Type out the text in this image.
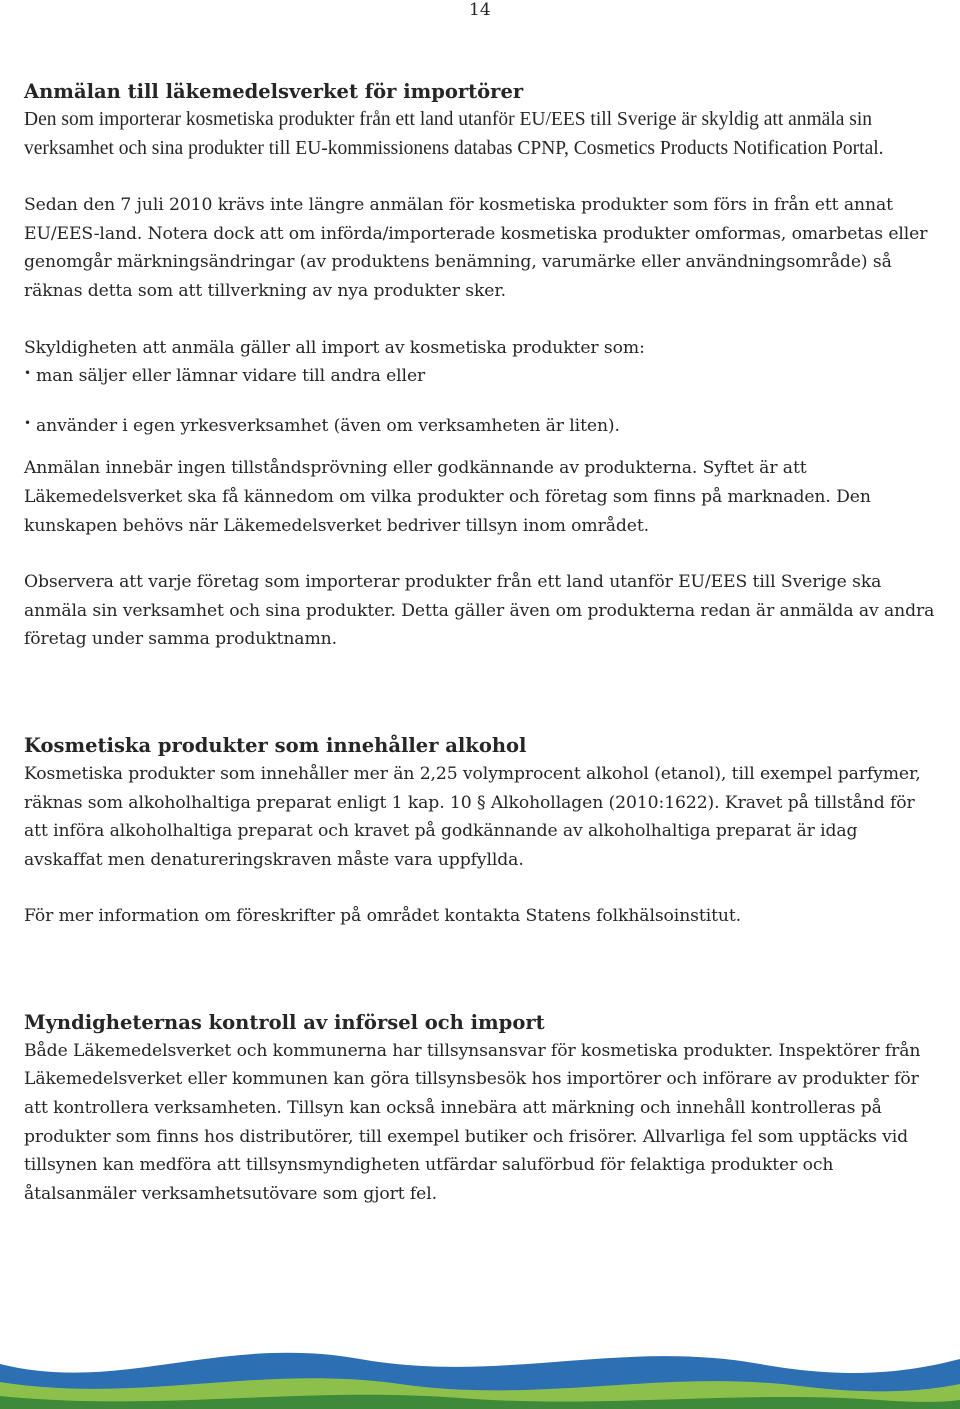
14
Anmälan till läkemedelsverket för importörer

Den som importerar kosmetiska produkter från ett land utanför EU/EES till Sverige är skyldig att anmäla sin verksamhet och sina produkter till EU-kommissionens databas CPNP, Cosmetics Products Notification Portal.

Sedan den 7 juli 2010 krävs inte längre anmälan för kosmetiska produkter som förs in från ett annat EU/EES-land. Notera dock att om införda/importerade kosmetiska produkter omformas, omarbetas eller genomgår märkningsändringar (av produktens benämning, varumärke eller användningsområde) så räknas detta som att tillverkning av nya produkter sker.

Skyldigheten att anmäla gäller all import av kosmetiska produkter som:

• man säljer eller lämnar vidare till andra eller
• använder i egen yrkesverksamhet (även om verksamheten är liten).

Anmälan innebär ingen tillståndsprövning eller godkännande av produkterna. Syftet är att Läkemedelsverket ska få kännedom om vilka produkter och företag som finns på marknaden. Den kunskapen behövs när Läkemedelsverket bedriver tillsyn inom området.

Observera att varje företag som importerar produkter från ett land utanför EU/EES till Sverige ska anmäla sin verksamhet och sina produkter. Detta gäller även om produkterna redan är anmälda av andra företag under samma produktnamn.

Kosmetiska produkter som innehåller alkohol

Kosmetiska produkter som innehåller mer än 2,25 volymprocent alkohol (etanol), till exempel parfymer, räknas som alkoholhaltiga preparat enligt 1 kap. 10 § Alkohollagen (2010:1622). Kravet på tillstånd för att införa alkoholhaltiga preparat och kravet på godkännande av alkoholhaltiga preparat är idag avskaffat men denatureringskraven måste vara uppfyllda.

För mer information om föreskrifter på området kontakta Statens folkhälsoinstitut.

Myndigheternas kontroll av införsel och import

Både Läkemedelsverket och kommunerna har tillsynsansvar för kosmetiska produkter. Inspektörer från Läkemedelsverket eller kommunen kan göra tillsynsbesök hos importörer och införare av produkter för att kontrollera verksamheten. Tillsyn kan också innebära att märkning och innehåll kontrolleras på produkter som finns hos distributörer, till exempel butiker och frisörer. Allvarliga fel som upptäcks vid tillsynen kan medföra att tillsynsmyndigheten utfärdar saluförbud för felaktiga produkter och åtalsanmäler verksamhetsutövare som gjort fel.
